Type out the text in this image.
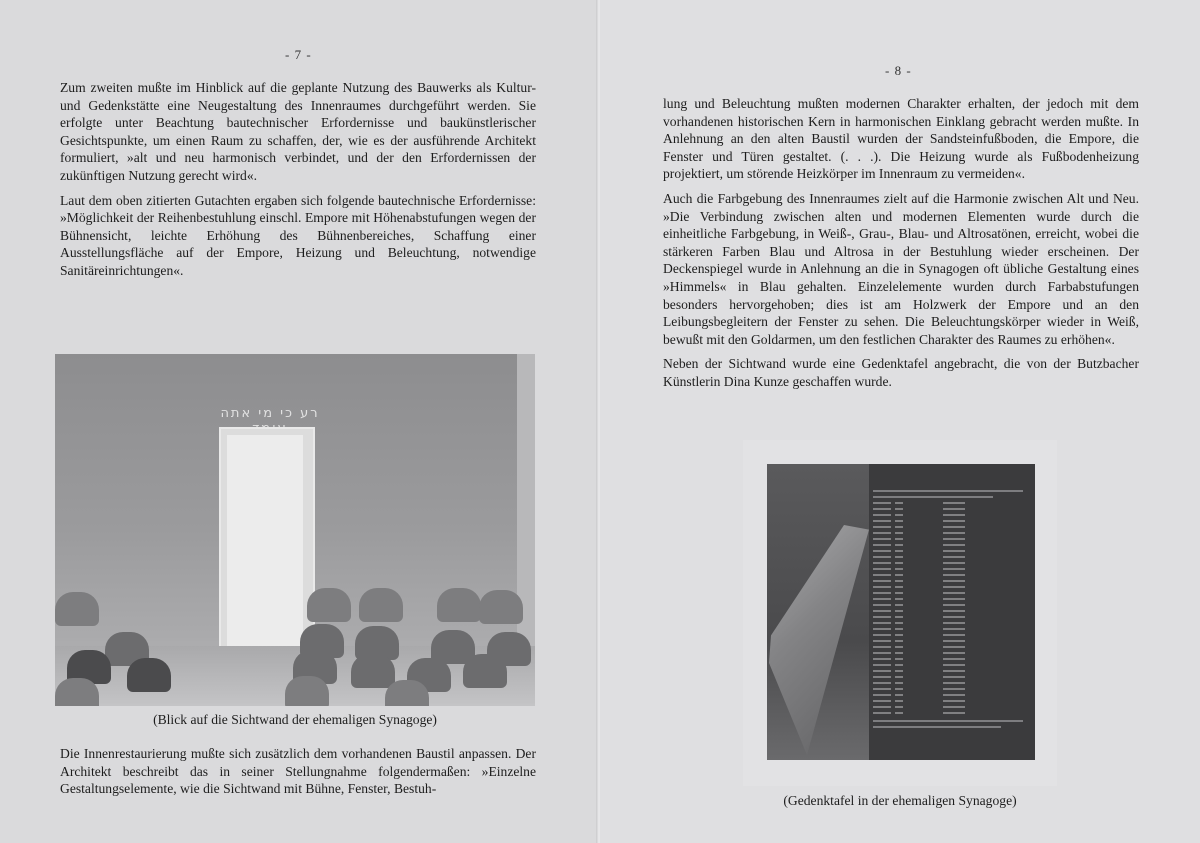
- 7 -

Zum zweiten mußte im Hinblick auf die geplante Nutzung des Bauwerks als Kultur- und Gedenkstätte eine Neugestaltung des Innenraumes durchgeführt werden. Sie erfolgte unter Beachtung bautechnischer Erfordernisse und baukünstlerischer Gesichtspunkte, um einen Raum zu schaffen, der, wie es der ausführende Architekt formuliert, »alt und neu harmonisch verbindet, und der den Erfordernissen der zukünftigen Nutzung gerecht wird«.

Laut dem oben zitierten Gutachten ergaben sich folgende bautechnische Erfordernisse: »Möglichkeit der Reihenbestuhlung einschl. Empore mit Höhenabstufungen wegen der Bühnensicht, leichte Erhöhung des Bühnenbereiches, Schaffung einer Ausstellungsfläche auf der Empore, Heizung und Beleuchtung, notwendige Sanitäreinrichtungen«.

רע כי מי אתה
(Blick auf die Sichtwand der ehemaligen Synagoge)
Die Innenrestaurierung mußte sich zusätzlich dem vorhandenen Baustil anpassen. Der Architekt beschreibt das in seiner Stellungnahme folgendermaßen: »Einzelne Gestaltungselemente, wie die Sichtwand mit Bühne, Fenster, Bestuh-
- 8 -

lung und Beleuchtung mußten modernen Charakter erhalten, der jedoch mit dem vorhandenen historischen Kern in harmonischen Einklang gebracht werden mußte. In Anlehnung an den alten Baustil wurden der Sandsteinfußboden, die Empore, die Fenster und Türen gestaltet. (. . .). Die Heizung wurde als Fußbodenheizung projektiert, um störende Heizkörper im Innenraum zu vermeiden«.

Auch die Farbgebung des Innenraumes zielt auf die Harmonie zwischen Alt und Neu. »Die Verbindung zwischen alten und modernen Elementen wurde durch die einheitliche Farbgebung, in Weiß-, Grau-, Blau- und Altrosatönen, erreicht, wobei die stärkeren Farben Blau und Altrosa in der Bestuhlung wieder erscheinen. Der Deckenspiegel wurde in Anlehnung an die in Synagogen oft übliche Gestaltung eines »Himmels« in Blau gehalten. Einzelelemente wurden durch Farbabstufungen besonders hervorgehoben; dies ist am Holzwerk der Empore und an den Leibungsbegleitern der Fenster zu sehen. Die Beleuchtungskörper wieder in Weiß, bewußt mit den Goldarmen, um den festlichen Charakter des Raumes zu erhöhen«.

Neben der Sichtwand wurde eine Gedenktafel angebracht, die von der Butzbacher Künstlerin Dina Kunze geschaffen wurde.

(Gedenktafel in der ehemaligen Synagoge)
